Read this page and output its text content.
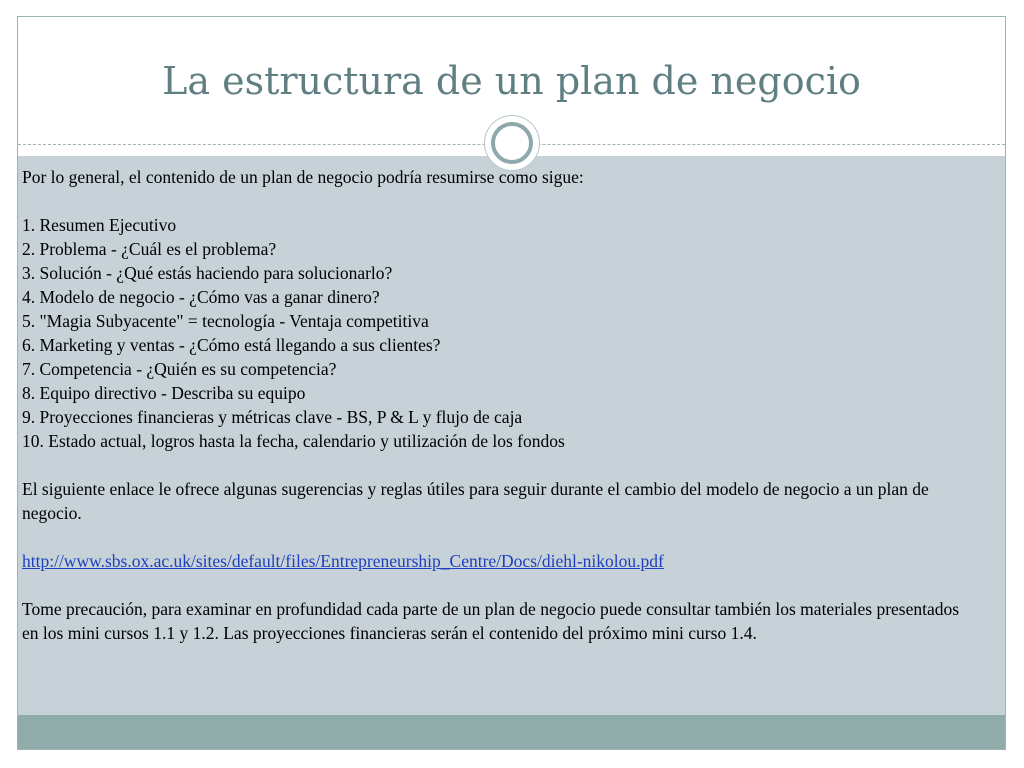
La estructura de un plan de negocio

Por lo general, el contenido de un plan de negocio podría resumirse como sigue:

1. Resumen Ejecutivo
2. Problema - ¿Cuál es el problema?
3. Solución - ¿Qué estás haciendo para solucionarlo?
4. Modelo de negocio - ¿Cómo vas a ganar dinero?
5. "Magia Subyacente" = tecnología - Ventaja competitiva
6. Marketing y ventas - ¿Cómo está llegando a sus clientes?
7. Competencia - ¿Quién es su competencia?
8. Equipo directivo - Describa su equipo
9. Proyecciones financieras y métricas clave - BS, P & L y flujo de caja
10. Estado actual, logros hasta la fecha, calendario y utilización de los fondos

El siguiente enlace le ofrece algunas sugerencias y reglas útiles para seguir durante el cambio del modelo de negocio a un plan de negocio.

http://www.sbs.ox.ac.uk/sites/default/files/Entrepreneurship_Centre/Docs/diehl-nikolou.pdf

Tome precaución, para examinar en profundidad cada parte de un plan de negocio puede consultar también los materiales presentados en los mini cursos 1.1 y 1.2. Las proyecciones financieras serán el contenido del próximo mini curso 1.4.
